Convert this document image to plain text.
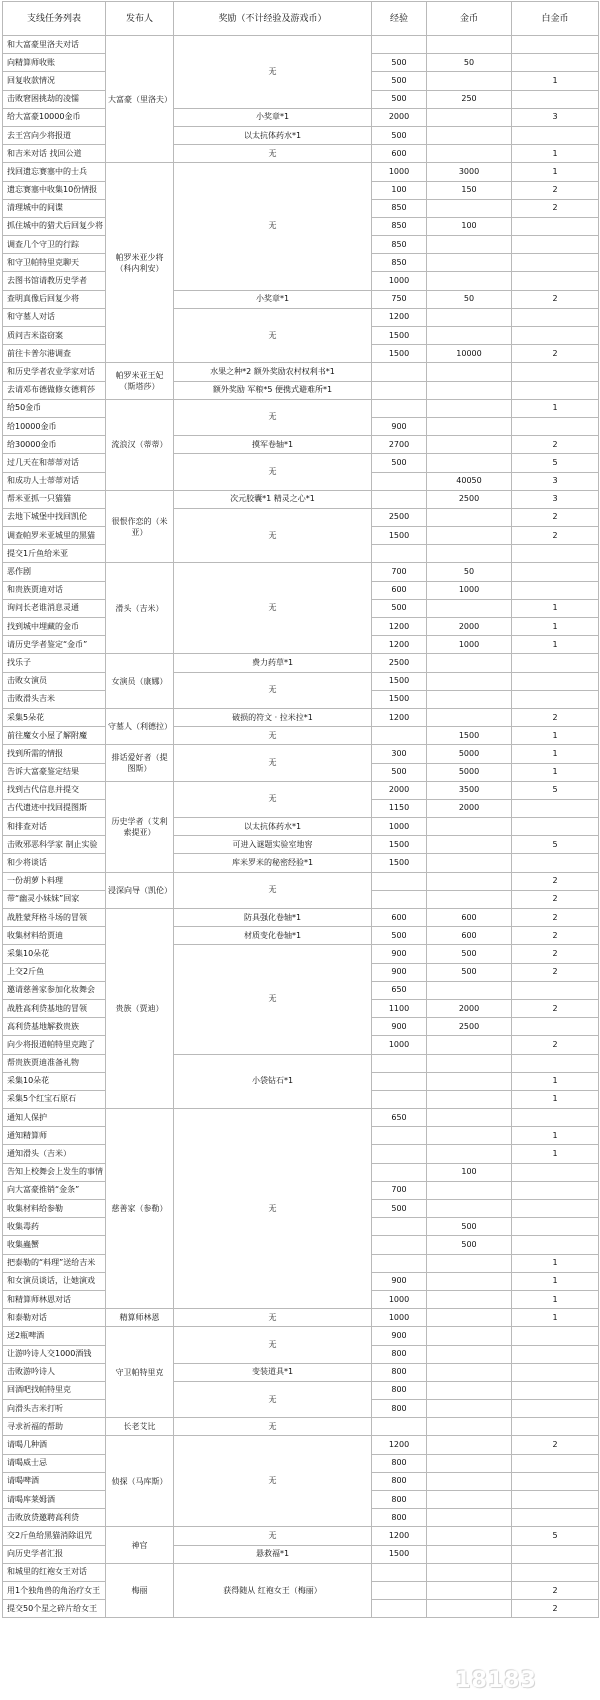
支线任务列表	发布人	奖励（不计经验及游戏币）	经验	金币	白金币
和大富豪里洛夫对话	大富豪（里洛夫）	无			
向精算师收账			500	50	
回复收款情况			500		1
击败窘困挑劫的凌懦			500	250	
给大富豪10000金币		小奖章*1	2000		3
去王宫向少将报道		以太抗体药水*1	500		
和吉米对话 找回公道		无	600		1
找回遗忘赛塞中的士兵	帕罗米亚少将（科内利安）	无	1000	3000	1
遗忘赛塞中收集10份情报			100	150	2
清理城中的间谍			850		2
抓住城中的猎犬后回复少将			850	100	
调查几个守卫的行踪			850		
和守卫帕特里克聊天			850		
去图书馆请教历史学者			1000		
查明真像后回复少将		小奖章*1	750	50	2
和守墓人对话		无	1200		
质问吉米盗窃案			1500		
前往卡普尔港调查			1500	10000	2
和历史学者农业学家对话	帕罗米亚王妃（斯塔莎）	水果之种*2 额外奖励农村权利书*1			
去请邓布德做修女德莉莎		额外奖励 军粮*5 便携式避难所*1			
给50金币	流浪汉（蒂蒂）	无			1
给10000金币			900		
给30000金币		摸军卷轴*1	2700		2
过几天在和蒂蒂对话		无	500		5
和成功人士蒂蒂对话				40050	3
帮米亚抓一只猫猫	很恨作恋的（米亚）	次元胶囊*1 精灵之心*1		2500	3
去地下城堡中找回凯伦		无	2500		2
调查帕罗米亚城里的黑猫			1500		2
提交1斤鱼给米亚					
恶作剧	滑头（吉米）	无	700	50	
和贵族贾迪对话			600	1000	
询问长老谁消息灵通			500		1
找到城中埋藏的金币			1200	2000	1
请历史学者鉴定“金币”			1200	1000	1
找乐子	女演员（康娜）	费力药草*1	2500		
击败女演员		无	1500		
击败滑头吉米			1500		
采集5朵花	守墓人（利德拉）	破损的符文 · 拉米拉*1	1200		2
前往魔女小屋了解附魔		无		1500	1
找到所需的情报	排话爱好者（提图斯）	无	300	5000	1
告诉大富豪鉴定结果			500	5000	1
找到古代信息并提交	历史学者（艾利索提亚）	无	2000	3500	5
古代遗迹中找回提图斯			1150	2000	
和排查对话		以太抗体药水*1	1000		
击败邪恶科学家 制止实验		可进入谜题实验室地窖	1500		5
和少将谈话		库米罗米的秘密经验*1	1500		
一份胡萝卜料理	浸深向导（凯伦）	无			2
带“幽灵小妹妹”回家					2
战胜蒙拜格斗场的冒领	贵族（贾迪）	防具强化卷轴*1	600	600	2
收集材料给贾迪		材质变化卷轴*1	500	600	2
采集10朵花		无	900	500	2
上交2斤鱼			900	500	2
邀请慈善家参加化妆舞会			650		
战胜高利贷基地的冒领			1100	2000	2
高利贷基地解救贵族			900	2500	
向少将报道帕特里克跑了			1000		2
帮贵族贾迪准备礼物		小袋钻石*1			
采集10朵花					1
采集5个红宝石原石					1
通知人保护	慈善家（参勒）	无	650		
通知精算师					1
通知滑头（吉米）					1
告知上校舞会上发生的事情				100	
向大富豪推销“金条”			700		
收集材料给参勒			500		
收集毒药				500	
收集蟲蟹				500	
把泰勒的“料理”送给吉米					1
和女演员谈话，让她演戏			900		1
和精算师林恩对话			1000		1
和泰勒对话	精算师林恩	无	1000		1
送2瓶啤酒	守卫帕特里克	无	900		
让游吟诗人交1000酒钱			800		
击败游吟诗人		变装道具*1	800		
回酒吧找帕特里克		无	800		
向滑头吉米打听			800		
寻求祈福的帮助	长老艾比	无			
请喝几种酒	侦探（马库斯）	无	1200		2
请喝威士忌			800		
请喝啤酒			800		
请喝库莱姆酒			800		
击败放贷邀聘高利贷			800		
交2斤鱼给黑猫消除诅咒	神官	无	1200		5
向历史学者汇报		悬救福*1	1500		
和城里的红袍女王对话	梅丽	获得随从 红袍女王（梅丽）			
用1个独角兽的角治疗女王					2
提交50个星之碎片给女王					2
18183
